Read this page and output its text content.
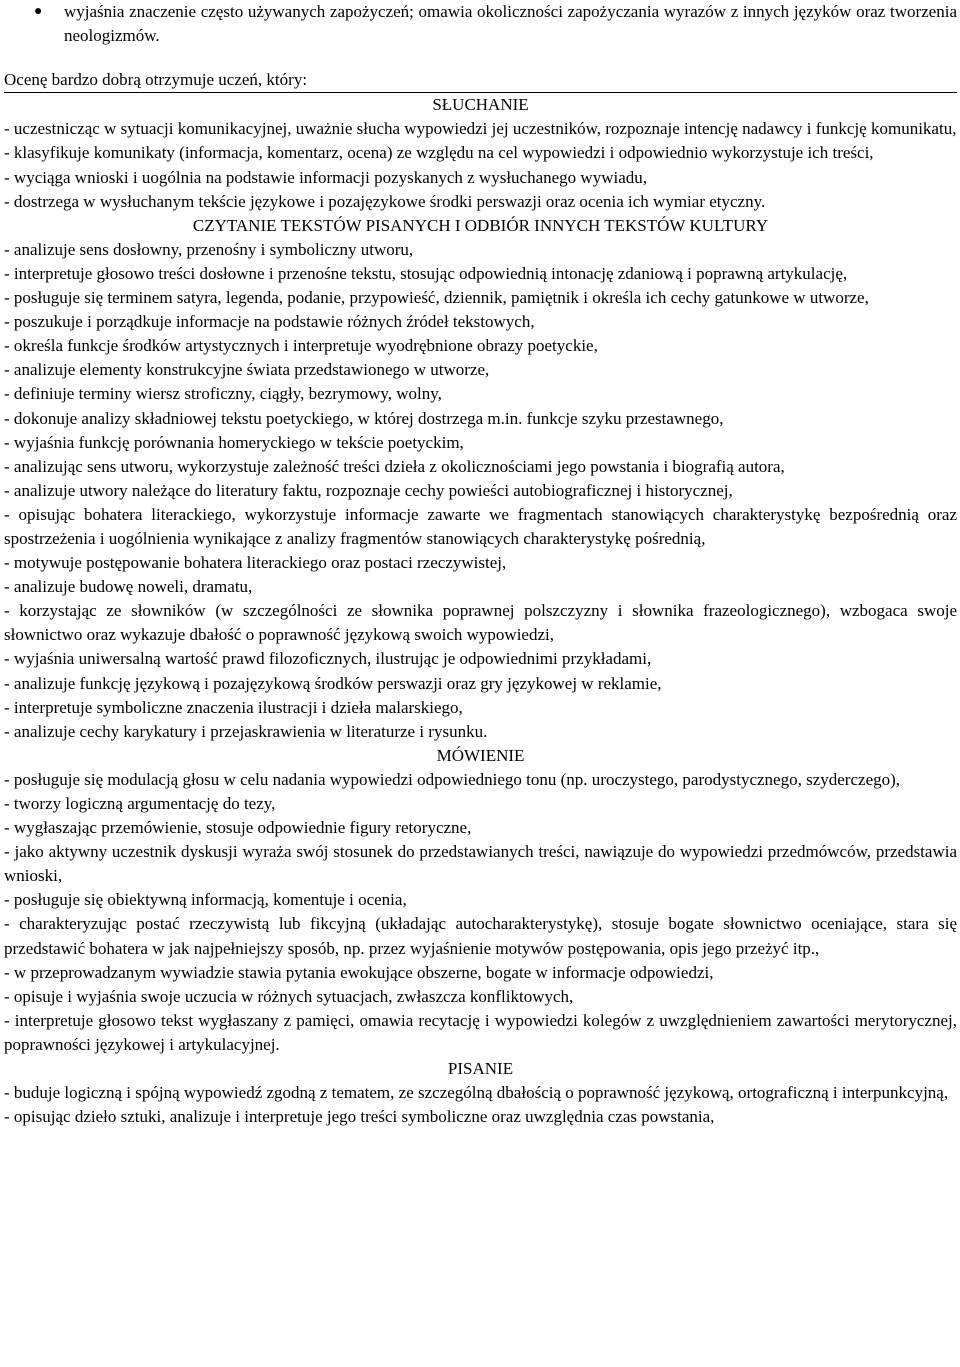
● wyjaśnia znaczenie często używanych zapożyczeń; omawia okoliczności zapożyczania wyrazów z innych języków oraz tworzenia neologizmów.

Ocenę bardzo dobrą otrzymuje uczeń, który:

SŁUCHANIE

- uczestnicząc w sytuacji komunikacyjnej, uważnie słucha wypowiedzi jej uczestników, rozpoznaje intencję nadawcy i funkcję komunikatu,

- klasyfikuje komunikaty (informacja, komentarz, ocena) ze względu na cel wypowiedzi i odpowiednio wykorzystuje ich treści,

- wyciąga wnioski i uogólnia na podstawie informacji pozyskanych z wysłuchanego wywiadu,

- dostrzega w wysłuchanym tekście językowe i pozajęzykowe środki perswazji oraz ocenia ich wymiar etyczny.

CZYTANIE TEKSTÓW PISANYCH I ODBIÓR INNYCH TEKSTÓW KULTURY

- analizuje sens dosłowny, przenośny i symboliczny utworu,

- interpretuje głosowo treści dosłowne i przenośne tekstu, stosując odpowiednią intonację zdaniową i poprawną artykulację,

- posługuje się terminem satyra, legenda, podanie, przypowieść, dziennik, pamiętnik i określa ich cechy gatunkowe w utworze,

- poszukuje i porządkuje informacje na podstawie różnych źródeł tekstowych,

- określa funkcje środków artystycznych i interpretuje wyodrębnione obrazy poetyckie,

- analizuje elementy konstrukcyjne świata przedstawionego w utworze,

- definiuje terminy wiersz stroficzny, ciągły, bezrymowy, wolny,

- dokonuje analizy składniowej tekstu poetyckiego, w której dostrzega m.in. funkcje szyku przestawnego,

- wyjaśnia funkcję porównania homeryckiego w tekście poetyckim,

- analizując sens utworu, wykorzystuje zależność treści dzieła z okolicznościami jego powstania i biografią autora,

- analizuje utwory należące do literatury faktu, rozpoznaje cechy powieści autobiograficznej i historycznej,

- opisując bohatera literackiego, wykorzystuje informacje zawarte we fragmentach stanowiących charakterystykę bezpośrednią oraz spostrzeżenia i uogólnienia wynikające z analizy fragmentów stanowiących charakterystykę pośrednią,

- motywuje postępowanie bohatera literackiego oraz postaci rzeczywistej,

- analizuje budowę noweli, dramatu,

- korzystając ze słowników (w szczególności ze słownika poprawnej polszczyzny i słownika frazeologicznego), wzbogaca swoje słownictwo oraz wykazuje dbałość o poprawność językową swoich wypowiedzi,

- wyjaśnia uniwersalną wartość prawd filozoficznych, ilustrując je odpowiednimi przykładami,

- analizuje funkcję językową i pozajęzykową środków perswazji oraz gry językowej w reklamie,

- interpretuje symboliczne znaczenia ilustracji i dzieła malarskiego,

- analizuje cechy karykatury i przejaskrawienia w literaturze i rysunku.

MÓWIENIE

- posługuje się modulacją głosu w celu nadania wypowiedzi odpowiedniego tonu (np. uroczystego, parodystycznego, szyderczego),

- tworzy logiczną argumentację do tezy,

- wygłaszając przemówienie, stosuje odpowiednie figury retoryczne,

- jako aktywny uczestnik dyskusji wyraża swój stosunek do przedstawianych treści, nawiązuje do wypowiedzi przedmówców, przedstawia wnioski,

- posługuje się obiektywną informacją, komentuje i ocenia,

- charakteryzując postać rzeczywistą lub fikcyjną (układając autocharakterystykę), stosuje bogate słownictwo oceniające, stara się przedstawić bohatera w jak najpełniejszy sposób, np. przez wyjaśnienie motywów postępowania, opis jego przeżyć itp.,

- w przeprowadzanym wywiadzie stawia pytania ewokujące obszerne, bogate w informacje odpowiedzi,

- opisuje i wyjaśnia swoje uczucia w różnych sytuacjach, zwłaszcza konfliktowych,

- interpretuje głosowo tekst wygłaszany z pamięci, omawia recytację i wypowiedzi kolegów z uwzględnieniem zawartości merytorycznej, poprawności językowej i artykulacyjnej.

PISANIE

- buduje logiczną i spójną wypowiedź zgodną z tematem, ze szczególną dbałością o poprawność językową, ortograficzną i interpunkcyjną,

- opisując dzieło sztuki, analizuje i interpretuje jego treści symboliczne oraz uwzględnia czas powstania,
